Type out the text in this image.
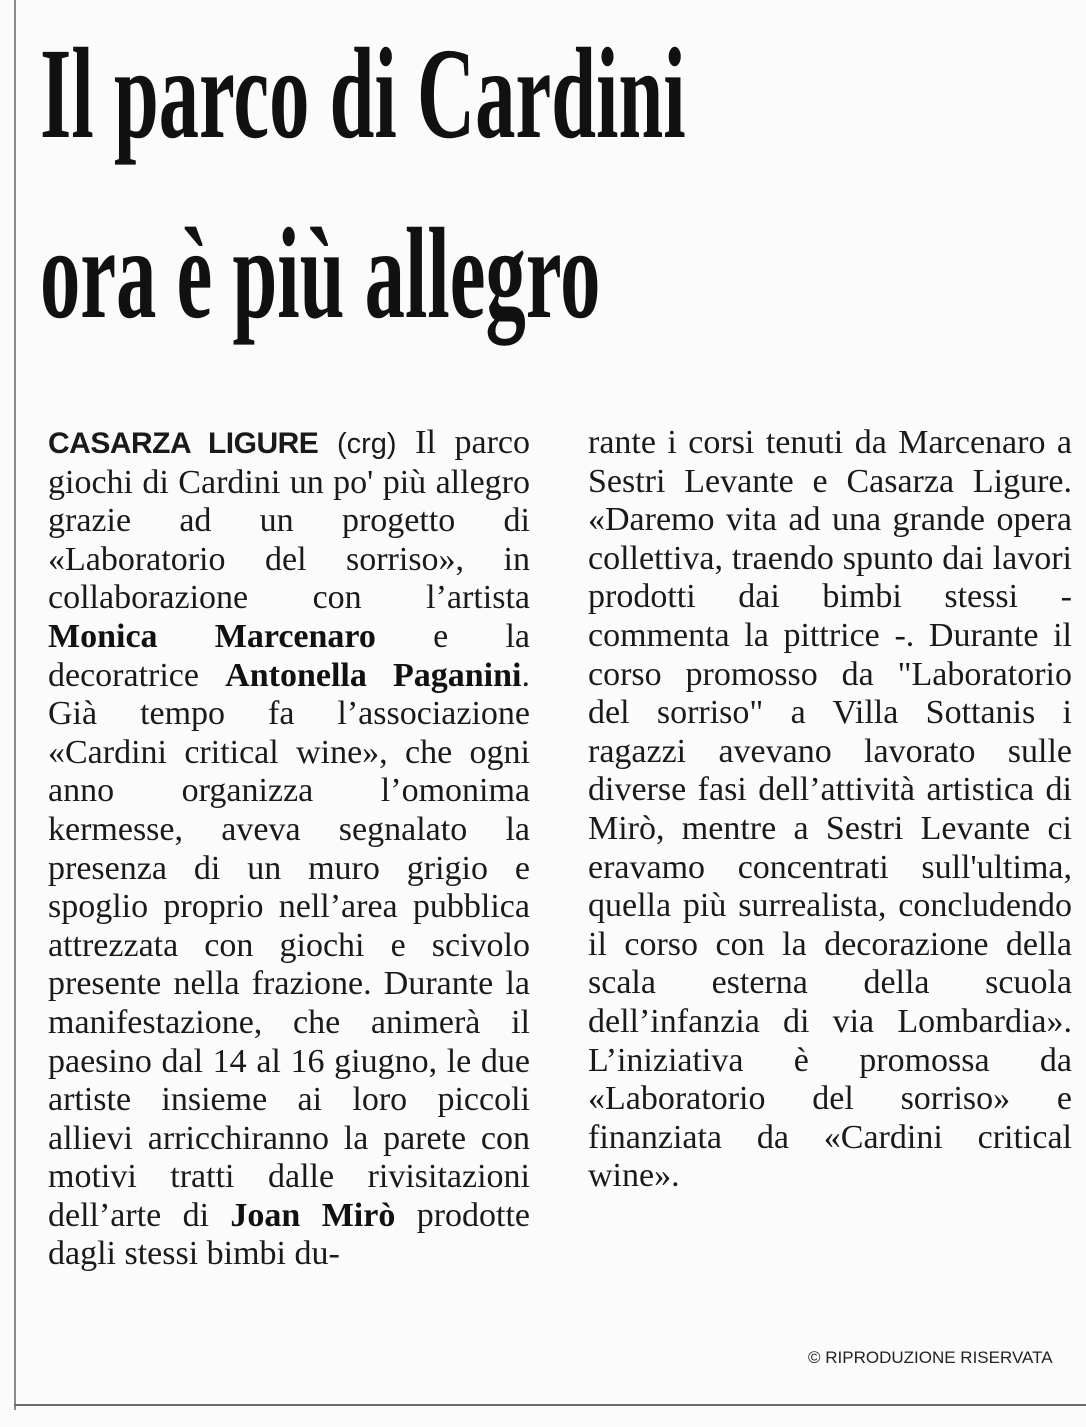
Il parco di Cardini
ora è più allegro

CASARZA LIGURE (crg) Il parco giochi di Cardini un po' più allegro grazie ad un progetto di «Laboratorio del sorriso», in collaborazione con l’artista Monica Marcenaro e la decoratrice Antonella Paganini. Già tempo fa l’associazione «Cardini critical wine», che ogni anno organizza l’omonima kermesse, aveva segnalato la presenza di un muro grigio e spoglio proprio nell’area pubblica attrezzata con giochi e scivolo presente nella frazione. Durante la manifestazione, che animerà il paesino dal 14 al 16 giugno, le due artiste insieme ai loro piccoli allievi arricchiranno la parete con motivi tratti dalle rivisitazioni dell’arte di Joan Mirò prodotte dagli stessi bimbi du-

rante i corsi tenuti da Marcenaro a Sestri Levante e Casarza Ligure. «Daremo vita ad una grande opera collettiva, traendo spunto dai lavori prodotti dai bimbi stessi - commenta la pittrice -. Durante il corso promosso da "Laboratorio del sorriso" a Villa Sottanis i ragazzi avevano lavorato sulle diverse fasi dell’attività artistica di Mirò, mentre a Sestri Levante ci eravamo concentrati sull'ultima, quella più surrealista, concludendo il corso con la decorazione della scala esterna della scuola dell’infanzia di via Lombardia». L’iniziativa è promossa da «Laboratorio del sorriso» e finanziata da «Cardini critical wine».

© RIPRODUZIONE RISERVATA
